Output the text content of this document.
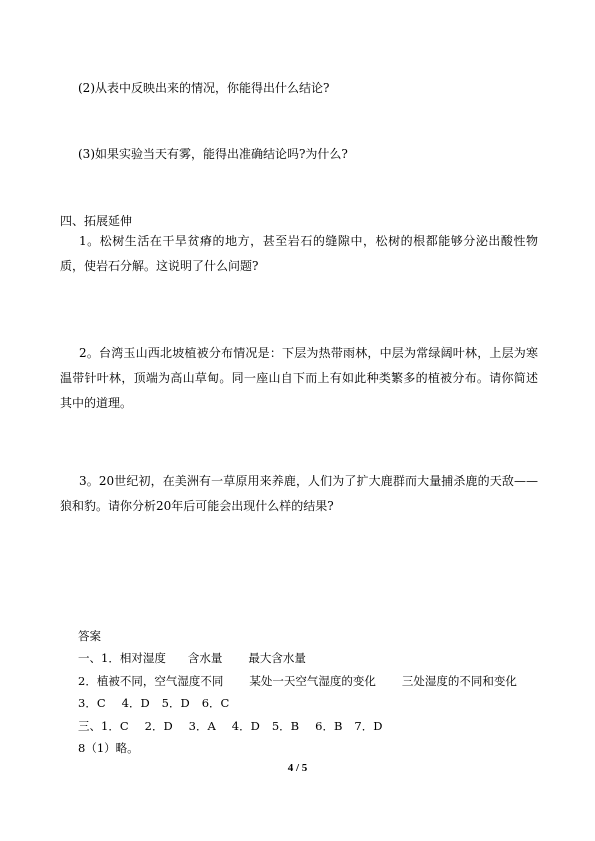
(2)从表中反映出来的情况，你能得出什么结论?
(3)如果实验当天有雾，能得出准确结论吗?为什么?
四、拓展延伸
1。松树生活在干旱贫瘠的地方，甚至岩石的缝隙中，松树的根都能够分泌出酸性物质，使岩石分解。这说明了什么问题?
2。台湾玉山西北坡植被分布情况是：下层为热带雨林，中层为常绿阔叶林，上层为寒温带针叶林，顶端为高山草甸。同一座山自下而上有如此种类繁多的植被分布。请你简述其中的道理。
3。20世纪初，在美洲有一草原用来养鹿，人们为了扩大鹿群而大量捕杀鹿的天敌——狼和豹。请你分析20年后可能会出现什么样的结果?
答案
一、1．相对湿度 含水量 最大含水量
2．植被不同，空气湿度不同 某处一天空气湿度的变化 三处湿度的不同和变化
3．C 4．D 5．D 6．C
三、1．C 2．D 3．A 4．D 5．B 6．B 7．D
8（1）略。
4 / 5
